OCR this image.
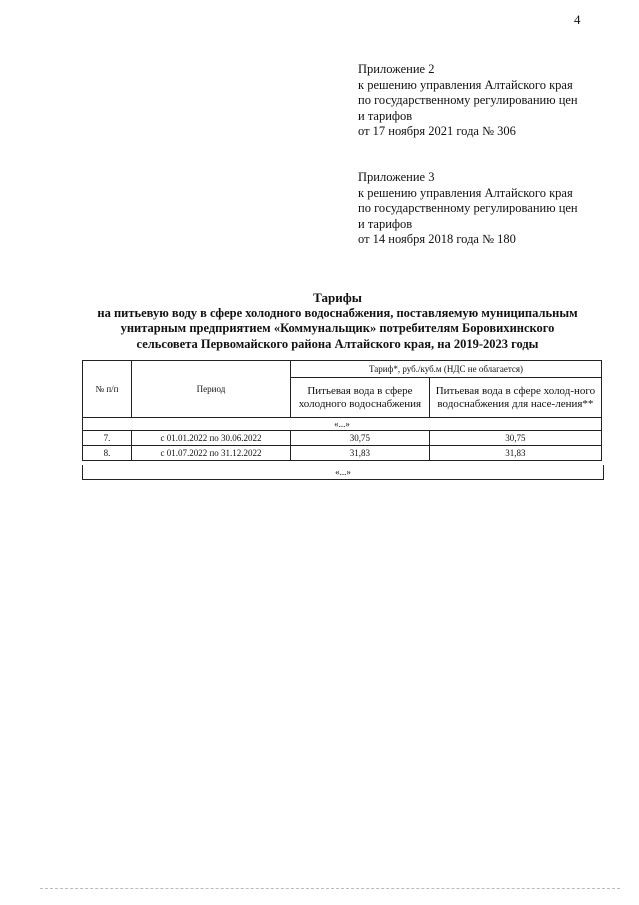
4
Приложение 2
к решению управления Алтайского края
по государственному регулированию цен
и тарифов
от 17 ноября 2021 года № 306
Приложение 3
к решению управления Алтайского края
по государственному регулированию цен
и тарифов
от 14 ноября 2018 года № 180
Тарифы
на питьевую воду в сфере холодного водоснабжения, поставляемую муниципальным
унитарным предприятием «Коммунальщик» потребителям Боровихинского
сельсовета Первомайского района Алтайского края, на 2019-2023 годы
№ п/п	Период	Тариф*, руб./куб.м (НДС не облагается)	
		Питьевая вода в сфере холодного водоснабжения	Питьевая вода в сфере холод-ного водоснабжения для насе-ления**
«...»			
7.	с 01.01.2022 по 30.06.2022	30,75	30,75
8.	с 01.07.2022 по 31.12.2022	31,83	31,83
«...»
